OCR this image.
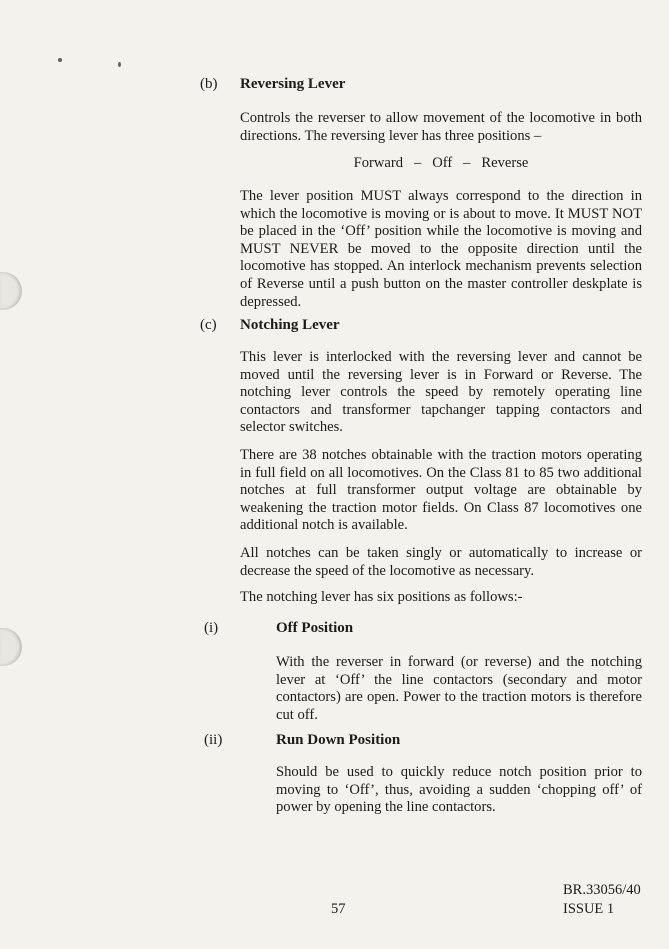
(b) Reversing Lever

Controls the reverser to allow movement of the locomotive in both directions. The reversing lever has three positions –

Forward   –   Off   –   Reverse

The lever position MUST always correspond to the direction in which the locomotive is moving or is about to move. It MUST NOT be placed in the ‘Off’ position while the locomotive is moving and MUST NEVER be moved to the opposite direction until the locomotive has stopped. An interlock mechanism prevents selection of Reverse until a push button on the master controller deskplate is depressed.

(c) Notching Lever

This lever is interlocked with the reversing lever and cannot be moved until the reversing lever is in Forward or Reverse. The notching lever controls the speed by remotely operating line contactors and transformer tapchanger tapping contactors and selector switches.

There are 38 notches obtainable with the traction motors operating in full field on all locomotives. On the Class 81 to 85 two additional notches at full transformer output voltage are obtainable by weakening the traction motor fields. On Class 87 locomotives one additional notch is available.

All notches can be taken singly or automatically to increase or decrease the speed of the locomotive as necessary.

The notching lever has six positions as follows:-

(i)	Off Position

With the reverser in forward (or reverse) and the notching lever at ‘Off’ the line contactors (secondary and motor contactors) are open. Power to the traction motors is therefore cut off.

(ii)	Run Down Position

Should be used to quickly reduce notch position prior to moving to ‘Off’, thus, avoiding a sudden ‘chopping off’ of power by opening the line contactors.

57
BR.33056/40
ISSUE 1
